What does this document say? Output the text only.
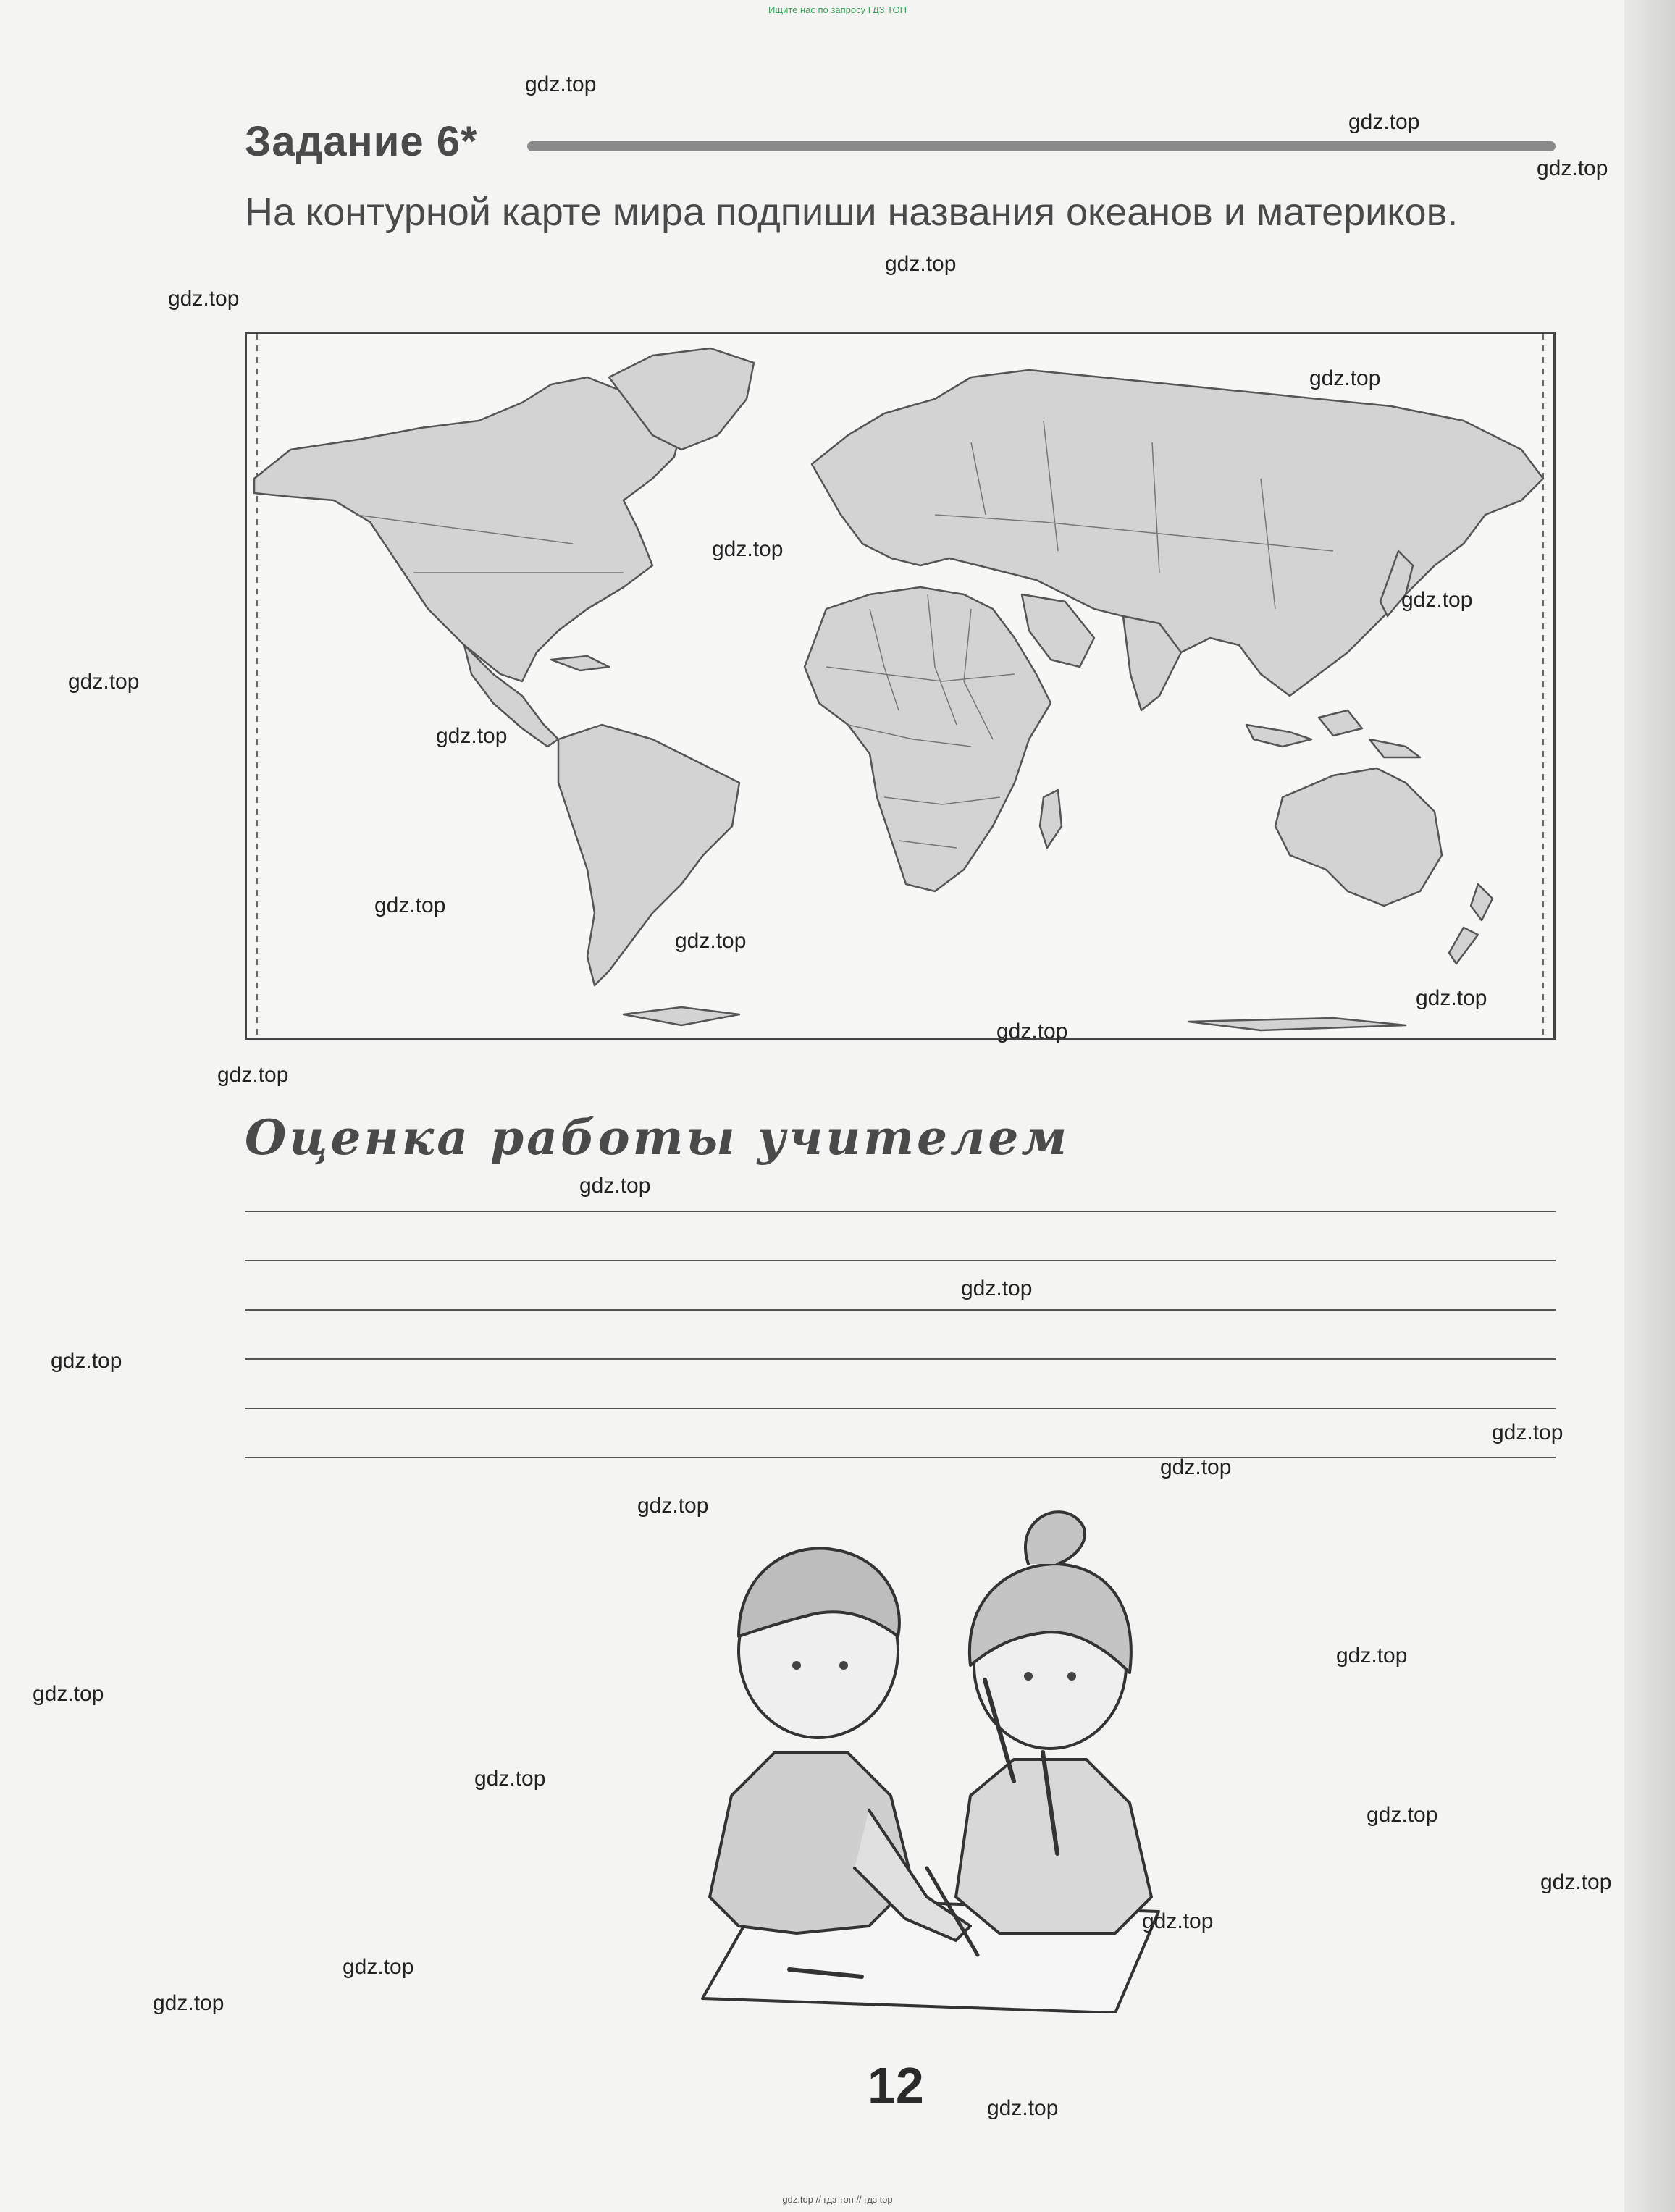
Ищите нас по запросу ГДЗ ТОП
Задание 6*
На контурной карте мира подпиши названия океанов и материков.
Оценка работы учителем
12
gdz.top // гдз топ // гдз top
gdz.top
gdz.top
gdz.top
gdz.top
gdz.top
gdz.top
gdz.top
gdz.top
gdz.top
gdz.top
gdz.top
gdz.top
gdz.top
gdz.top
gdz.top
gdz.top
gdz.top
gdz.top
gdz.top
gdz.top
gdz.top
gdz.top
gdz.top
gdz.top
gdz.top
gdz.top
gdz.top
gdz.top
gdz.top
gdz.top
